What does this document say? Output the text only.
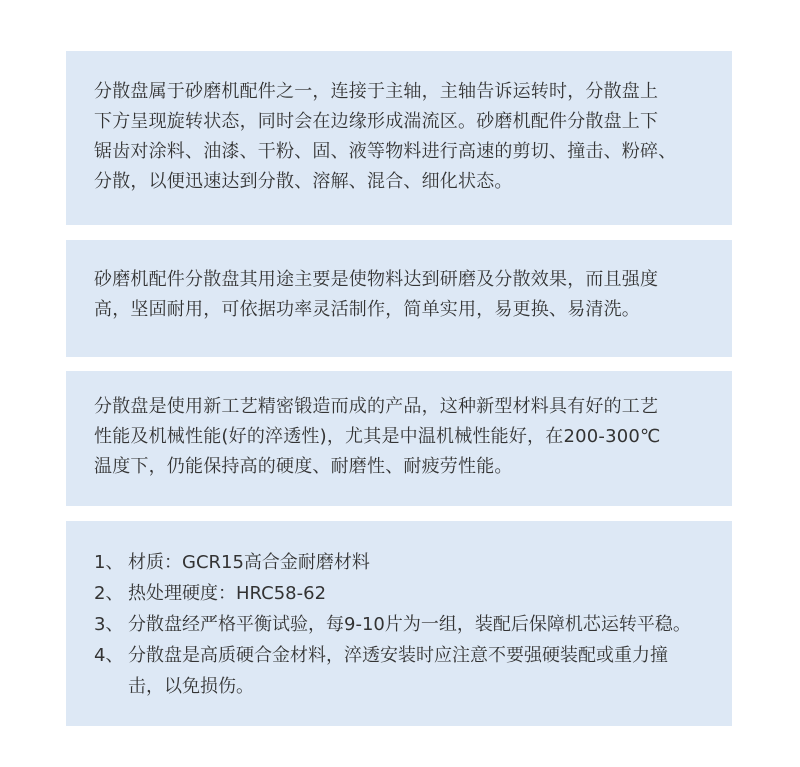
分散盘属于砂磨机配件之一，连接于主轴，主轴告诉运转时，分散盘上

下方呈现旋转状态，同时会在边缘形成湍流区。砂磨机配件分散盘上下

锯齿对涂料、油漆、干粉、固、液等物料进行高速的剪切、撞击、粉碎、

分散，以便迅速达到分散、溶解、混合、细化状态。

砂磨机配件分散盘其用途主要是使物料达到研磨及分散效果，而且强度

高，坚固耐用，可依据功率灵活制作，简单实用，易更换、易清洗。

分散盘是使用新工艺精密锻造而成的产品，这种新型材料具有好的工艺

性能及机械性能(好的淬透性)，尤其是中温机械性能好，在200-300℃

温度下，仍能保持高的硬度、耐磨性、耐疲劳性能。

1、 材质：GCR15高合金耐磨材料
2、 热处理硬度：HRC58-62
3、 分散盘经严格平衡试验，每9-10片为一组，装配后保障机芯运转平稳。
4、 分散盘是高质硬合金材料，淬透安装时应注意不要强硬装配或重力撞
击，以免损伤。
